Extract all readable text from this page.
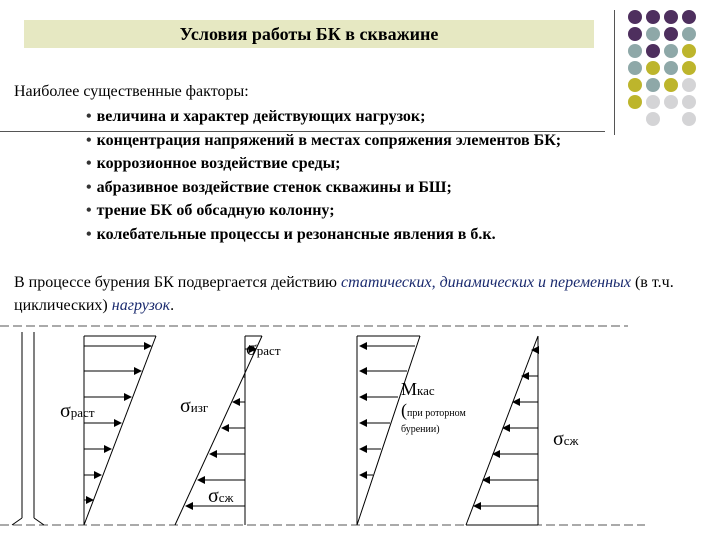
Условия работы БК в скважине
Наиболее существенные факторы:
• величина и характер действующих нагрузок;
• концентрация напряжений в местах сопряжения элементов БК;
• коррозионное воздействие среды;
• абразивное воздействие стенок скважины и БШ;
• трение БК об обсадную колонну;
• колебательные процессы и резонансные явления в б.к.
В процессе бурения БК подвергается действию статических, динамических и переменных (в т.ч. циклических) нагрузок.
σраст
σраст
σизг
σсж
Мкас
(при роторном
бурении)	σсж
